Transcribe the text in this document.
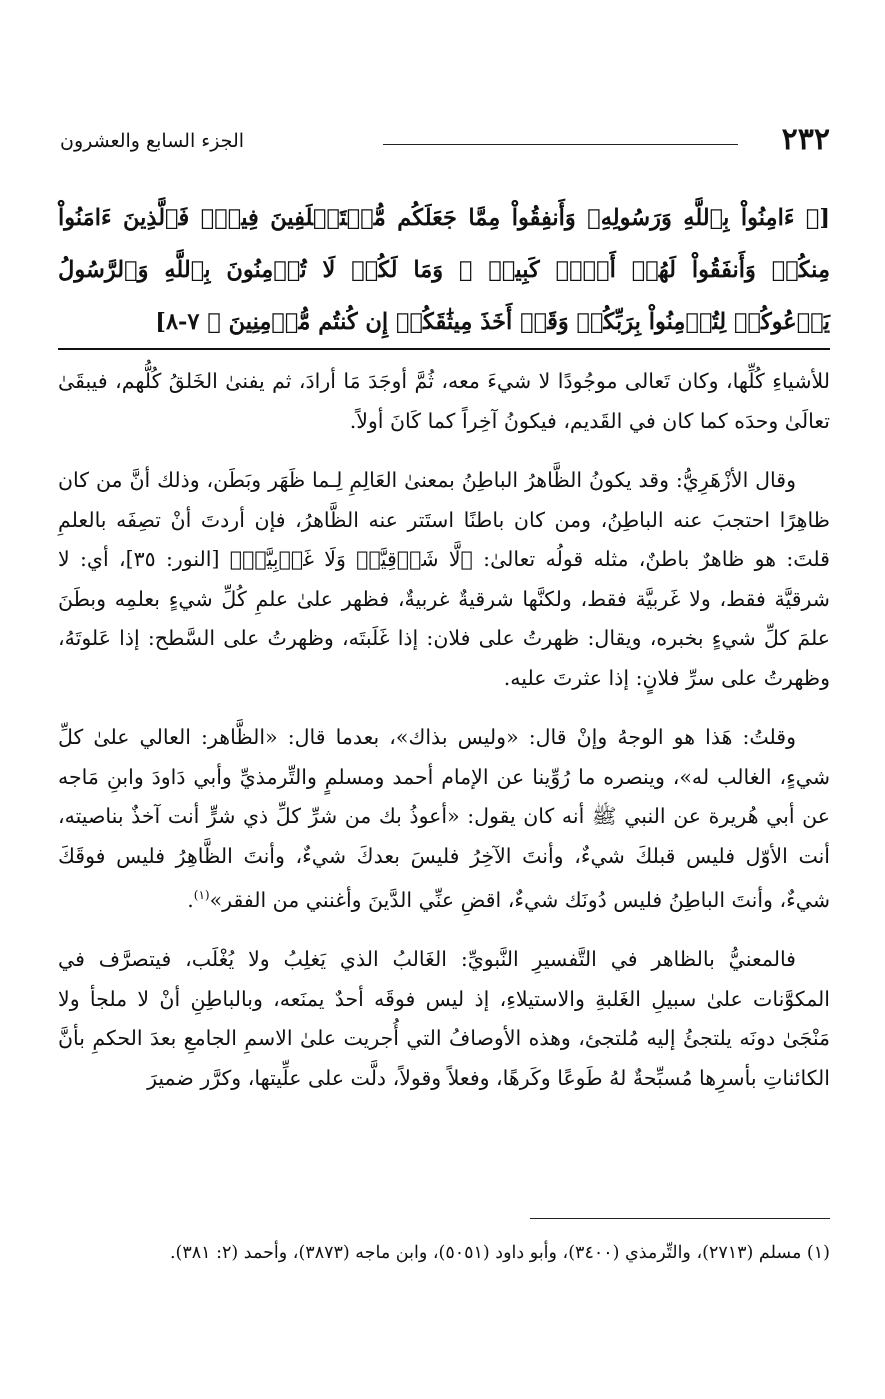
٢٣٢
الجزء السابع والعشرون
[﴿ ءَامِنُواْ بِٱللَّهِ وَرَسُولِهِۦ وَأَنفِقُواْ مِمَّا جَعَلَكُم مُّسۡتَخۡلَفِينَ فِيهِۖ فَٱلَّذِينَ ءَامَنُواْ مِنكُمۡ وَأَنفَقُواْ لَهُمۡ أَجۡرٞ كَبِيرٞ ۞ وَمَا لَكُمۡ لَا تُؤۡمِنُونَ بِٱللَّهِ وَٱلرَّسُولُ يَدۡعُوكُمۡ لِتُؤۡمِنُواْ بِرَبِّكُمۡ وَقَدۡ أَخَذَ مِيثَٰقَكُمۡ إِن كُنتُم مُّؤۡمِنِينَ ﴾ ٧-٨]

للأشياءِ كُلِّها، وكان تَعالى موجُودًا لا شيءَ معه، ثُمَّ أوجَدَ مَا أرادَ، ثم يفنىٰ الخَلقُ كُلُّهم، فيبقَىٰ تعالَىٰ وحدَه كما كان في القَديم، فيكونُ آخِراً كما كَانَ أولاً.

وقال الأزْهَرِيُّ: وقد يكونُ الظَّاهرُ الباطِنُ بمعنىٰ العَالِمِ لِـما ظَهَر وبَطَن، وذلك أنَّ من كان ظاهِرًا احتجبَ عنه الباطِنُ، ومن كان باطنًا استَتر عنه الظَّاهرُ، فإن أردتَ أنْ تصِفَه بالعلمِ قلتَ: هو ظاهرٌ باطنٌ، مثله قولُه تعالىٰ: ﴿لَّا شَرۡقِيَّةٖ وَلَا غَرۡبِيَّةٖ﴾ [النور: ٣٥]، أي: لا شرقيَّة فقط، ولا غَربيَّة فقط، ولكنَّها شرقيةٌ غربيةٌ، فظهر علىٰ علمِ كُلِّ شيءٍ بعلمِه وبطَنَ علمَ كلِّ شيءٍ بخبره، ويقال: ظهرتُ على فلان: إذا غَلَبتَه، وظهرتُ على السَّطح: إذا عَلوتَهُ، وظهرتُ على سرِّ فلانٍ: إذا عثرتَ عليه.

وقلتُ: هَذا هو الوجهُ وإنْ قال: «وليس بذاك»، بعدما قال: «الظَّاهر: العالي علىٰ كلِّ شيءٍ، الغالب له»، وينصره ما رُوِّينا عن الإمام أحمد ومسلمٍ والتِّرمذيِّ وأبي دَاودَ وابنِ مَاجه عن أبي هُريرة عن النبي ﷺ أنه كان يقول: «أعوذُ بك من شرِّ كلِّ ذي شرٍّ أنت آخذٌ بناصيته، أنت الأوّل فليس قبلكَ شيءٌ، وأنتَ الآخِرُ فليسَ بعدكَ شيءٌ، وأنتَ الظَّاهِرُ فليس فوقَكَ شيءٌ، وأنتَ الباطِنُ فليس دُونَك شيءٌ، اقضِ عنِّي الدَّينَ وأغنني من الفقر»$^{(١)}$.

فالمعنيُّ بالظاهر في التَّفسيرِ النَّبويِّ: الغَالبُ الذي يَغلِبُ ولا يُغْلَب، فيتصرَّف في المكوَّنات علىٰ سبيلِ الغَلبةِ والاستيلاءِ، إذ ليس فوقَه أحدٌ يمنَعه، وبالباطِنِ أنْ لا ملجأ ولا مَنْجَىٰ دونَه يلتجئُ إليه مُلتجئ، وهذه الأوصافُ التي أُجريت علىٰ الاسمِ الجامعِ بعدَ الحكمِ بأنَّ الكائناتِ بأسرِها مُسبِّحةٌ لهُ طَوعًا وكَرهًا، وفعلاً وقولاً، دلَّت على علِّيتها، وكرَّر ضميرَ

(١) مسلم (٢٧١٣)، والتِّرمذي (٣٤٠٠)، وأبو داود (٥٠٥١)، وابن ماجه (٣٨٧٣)، وأحمد (٢: ٣٨١).
